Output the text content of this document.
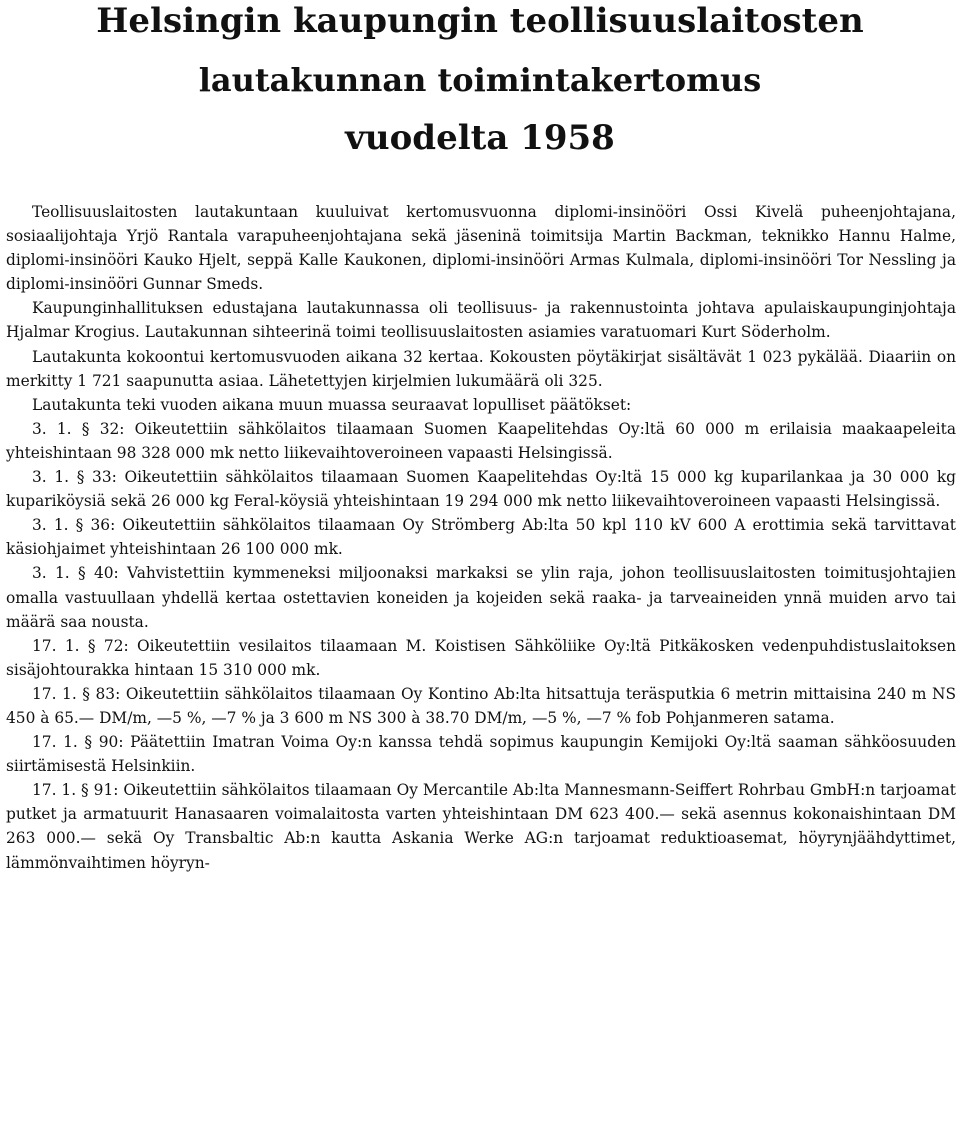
Helsingin kaupungin teollisuuslaitosten
lautakunnan toimintakertomus
vuodelta 1958

Teollisuuslaitosten lautakuntaan kuuluivat kertomusvuonna diplomi-insinööri Ossi Kivelä puheenjohtajana, sosiaalijohtaja Yrjö Rantala varapuheenjohtajana sekä jäseninä toimitsija Martin Backman, teknikko Hannu Halme, diplomi-insinööri Kauko Hjelt, seppä Kalle Kaukonen, diplomi-insinööri Armas Kulmala, diplomi-insinööri Tor Nessling ja diplomi-insinööri Gunnar Smeds.

Kaupunginhallituksen edustajana lautakunnassa oli teollisuus- ja rakennustointa johtava apulaiskaupunginjohtaja Hjalmar Krogius. Lautakunnan sihteerinä toimi teollisuuslaitosten asiamies varatuomari Kurt Söderholm.

Lautakunta kokoontui kertomusvuoden aikana 32 kertaa. Kokousten pöytäkirjat sisältävät 1 023 pykälää. Diaariin on merkitty 1 721 saapunutta asiaa. Lähetettyjen kirjelmien lukumäärä oli 325.

Lautakunta teki vuoden aikana muun muassa seuraavat lopulliset päätökset:

3. 1. § 32: Oikeutettiin sähkölaitos tilaamaan Suomen Kaapelitehdas Oy:ltä 60 000 m erilaisia maakaapeleita yhteishintaan 98 328 000 mk netto liikevaihtoveroineen vapaasti Helsingissä.

3. 1. § 33: Oikeutettiin sähkölaitos tilaamaan Suomen Kaapelitehdas Oy:ltä 15 000 kg kuparilankaa ja 30 000 kg kupariköysiä sekä 26 000 kg Feral-köysiä yhteishintaan 19 294 000 mk netto liikevaihtoveroineen vapaasti Helsingissä.

3. 1. § 36: Oikeutettiin sähkölaitos tilaamaan Oy Strömberg Ab:lta 50 kpl 110 kV 600 A erottimia sekä tarvittavat käsiohjaimet yhteishintaan 26 100 000 mk.

3. 1. § 40: Vahvistettiin kymmeneksi miljoonaksi markaksi se ylin raja, johon teollisuuslaitosten toimitusjohtajien omalla vastuullaan yhdellä kertaa ostettavien koneiden ja kojeiden sekä raaka- ja tarveaineiden ynnä muiden arvo tai määrä saa nousta.

17. 1. § 72: Oikeutettiin vesilaitos tilaamaan M. Koistisen Sähköliike Oy:ltä Pitkäkosken vedenpuhdistuslaitoksen sisäjohtourakka hintaan 15 310 000 mk.

17. 1. § 83: Oikeutettiin sähkölaitos tilaamaan Oy Kontino Ab:lta hitsattuja teräsputkia 6 metrin mittaisina 240 m NS 450 à 65.— DM/m, —5 %, —7 % ja 3 600 m NS 300 à 38.70 DM/m, —5 %, —7 % fob Pohjanmeren satama.

17. 1. § 90: Päätettiin Imatran Voima Oy:n kanssa tehdä sopimus kaupungin Kemijoki Oy:ltä saaman sähköosuuden siirtämisestä Helsinkiin.

17. 1. § 91: Oikeutettiin sähkölaitos tilaamaan Oy Mercantile Ab:lta Mannesmann-Seiffert Rohrbau GmbH:n tarjoamat putket ja armatuurit Hanasaaren voimalaitosta varten yhteishintaan DM 623 400.— sekä asennus kokonaishintaan DM 263 000.— sekä Oy Transbaltic Ab:n kautta Askania Werke AG:n tarjoamat reduktioasemat, höyrynjäähdyttimet, lämmönvaihtimen höyryn-
